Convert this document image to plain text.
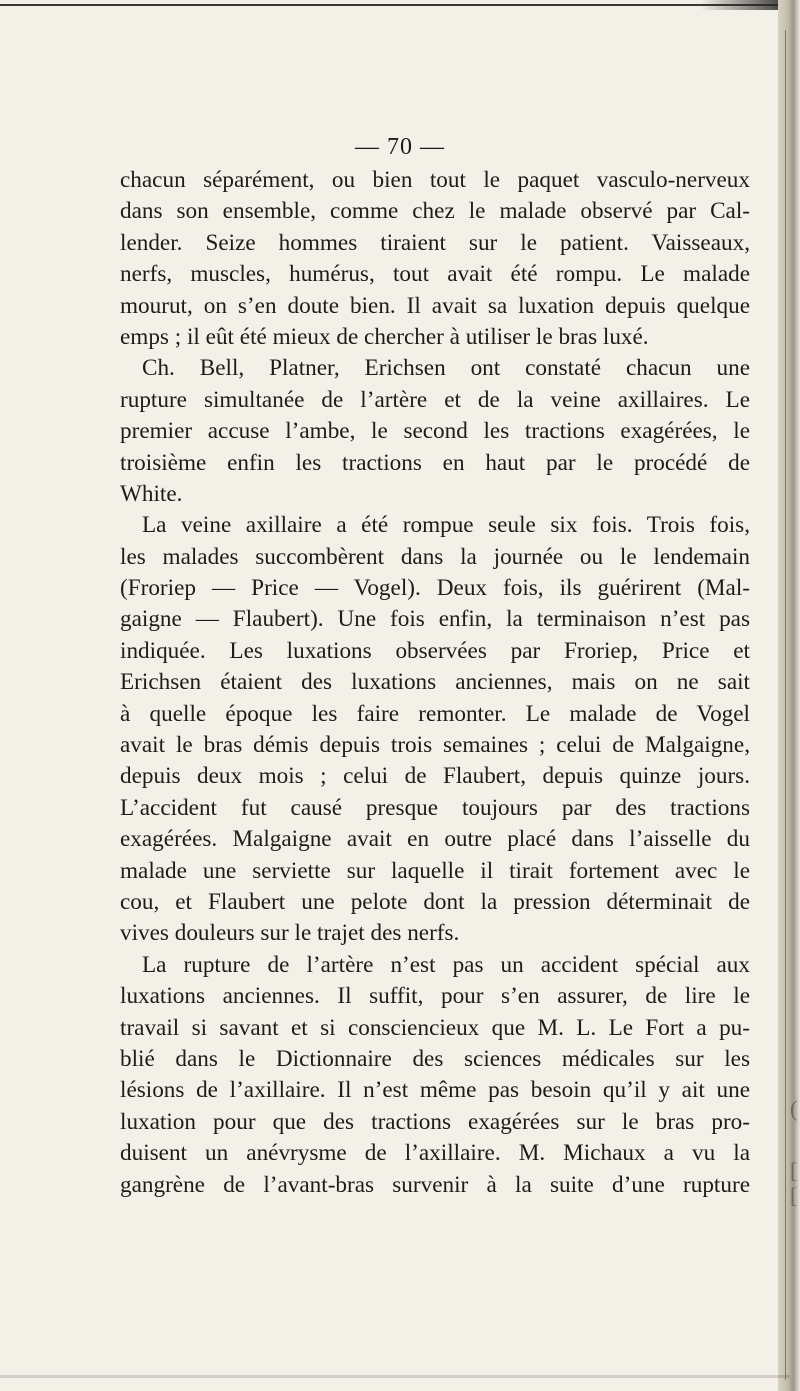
(
[
[
— 70 —
chacun séparément, ou bien tout le paquet vasculo-nerveux
dans son ensemble, comme chez le malade observé par Cal-
lender. Seize hommes tiraient sur le patient. Vaisseaux,
nerfs, muscles, humérus, tout avait été rompu. Le malade
mourut, on s’en doute bien. Il avait sa luxation depuis quelque
emps ; il eût été mieux de chercher à utiliser le bras luxé.
Ch. Bell, Platner, Erichsen ont constaté chacun une
rupture simultanée de l’artère et de la veine axillaires. Le
premier accuse l’ambe, le second les tractions exagérées, le
troisième enfin les tractions en haut par le procédé de
White.
La veine axillaire a été rompue seule six fois. Trois fois,
les malades succombèrent dans la journée ou le lendemain
(Froriep — Price — Vogel). Deux fois, ils guérirent (Mal-
gaigne — Flaubert). Une fois enfin, la terminaison n’est pas
indiquée. Les luxations observées par Froriep, Price et
Erichsen étaient des luxations anciennes, mais on ne sait
à quelle époque les faire remonter. Le malade de Vogel
avait le bras démis depuis trois semaines ; celui de Malgaigne,
depuis deux mois ; celui de Flaubert, depuis quinze jours.
L’accident fut causé presque toujours par des tractions
exagérées. Malgaigne avait en outre placé dans l’aisselle du
malade une serviette sur laquelle il tirait fortement avec le
cou, et Flaubert une pelote dont la pression déterminait de
vives douleurs sur le trajet des nerfs.
La rupture de l’artère n’est pas un accident spécial aux
luxations anciennes. Il suffit, pour s’en assurer, de lire le
travail si savant et si consciencieux que M. L. Le Fort a pu-
blié dans le Dictionnaire des sciences médicales sur les
lésions de l’axillaire. Il n’est même pas besoin qu’il y ait une
luxation pour que des tractions exagérées sur le bras pro-
duisent un anévrysme de l’axillaire. M. Michaux a vu la
gangrène de l’avant-bras survenir à la suite d’une rupture
